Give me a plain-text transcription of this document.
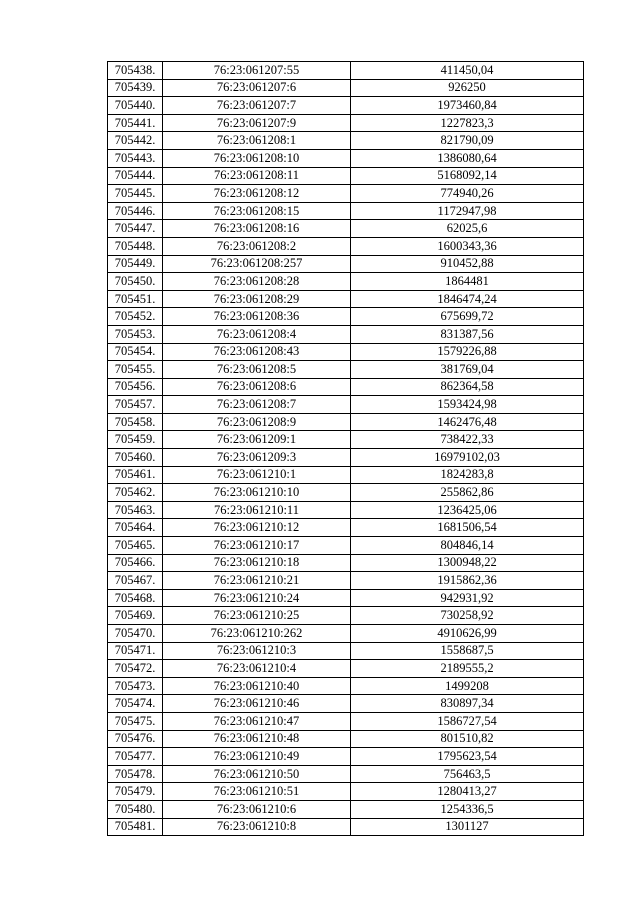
705438.	76:23:061207:55	411450,04
705439.	76:23:061207:6	926250
705440.	76:23:061207:7	1973460,84
705441.	76:23:061207:9	1227823,3
705442.	76:23:061208:1	821790,09
705443.	76:23:061208:10	1386080,64
705444.	76:23:061208:11	5168092,14
705445.	76:23:061208:12	774940,26
705446.	76:23:061208:15	1172947,98
705447.	76:23:061208:16	62025,6
705448.	76:23:061208:2	1600343,36
705449.	76:23:061208:257	910452,88
705450.	76:23:061208:28	1864481
705451.	76:23:061208:29	1846474,24
705452.	76:23:061208:36	675699,72
705453.	76:23:061208:4	831387,56
705454.	76:23:061208:43	1579226,88
705455.	76:23:061208:5	381769,04
705456.	76:23:061208:6	862364,58
705457.	76:23:061208:7	1593424,98
705458.	76:23:061208:9	1462476,48
705459.	76:23:061209:1	738422,33
705460.	76:23:061209:3	16979102,03
705461.	76:23:061210:1	1824283,8
705462.	76:23:061210:10	255862,86
705463.	76:23:061210:11	1236425,06
705464.	76:23:061210:12	1681506,54
705465.	76:23:061210:17	804846,14
705466.	76:23:061210:18	1300948,22
705467.	76:23:061210:21	1915862,36
705468.	76:23:061210:24	942931,92
705469.	76:23:061210:25	730258,92
705470.	76:23:061210:262	4910626,99
705471.	76:23:061210:3	1558687,5
705472.	76:23:061210:4	2189555,2
705473.	76:23:061210:40	1499208
705474.	76:23:061210:46	830897,34
705475.	76:23:061210:47	1586727,54
705476.	76:23:061210:48	801510,82
705477.	76:23:061210:49	1795623,54
705478.	76:23:061210:50	756463,5
705479.	76:23:061210:51	1280413,27
705480.	76:23:061210:6	1254336,5
705481.	76:23:061210:8	1301127
